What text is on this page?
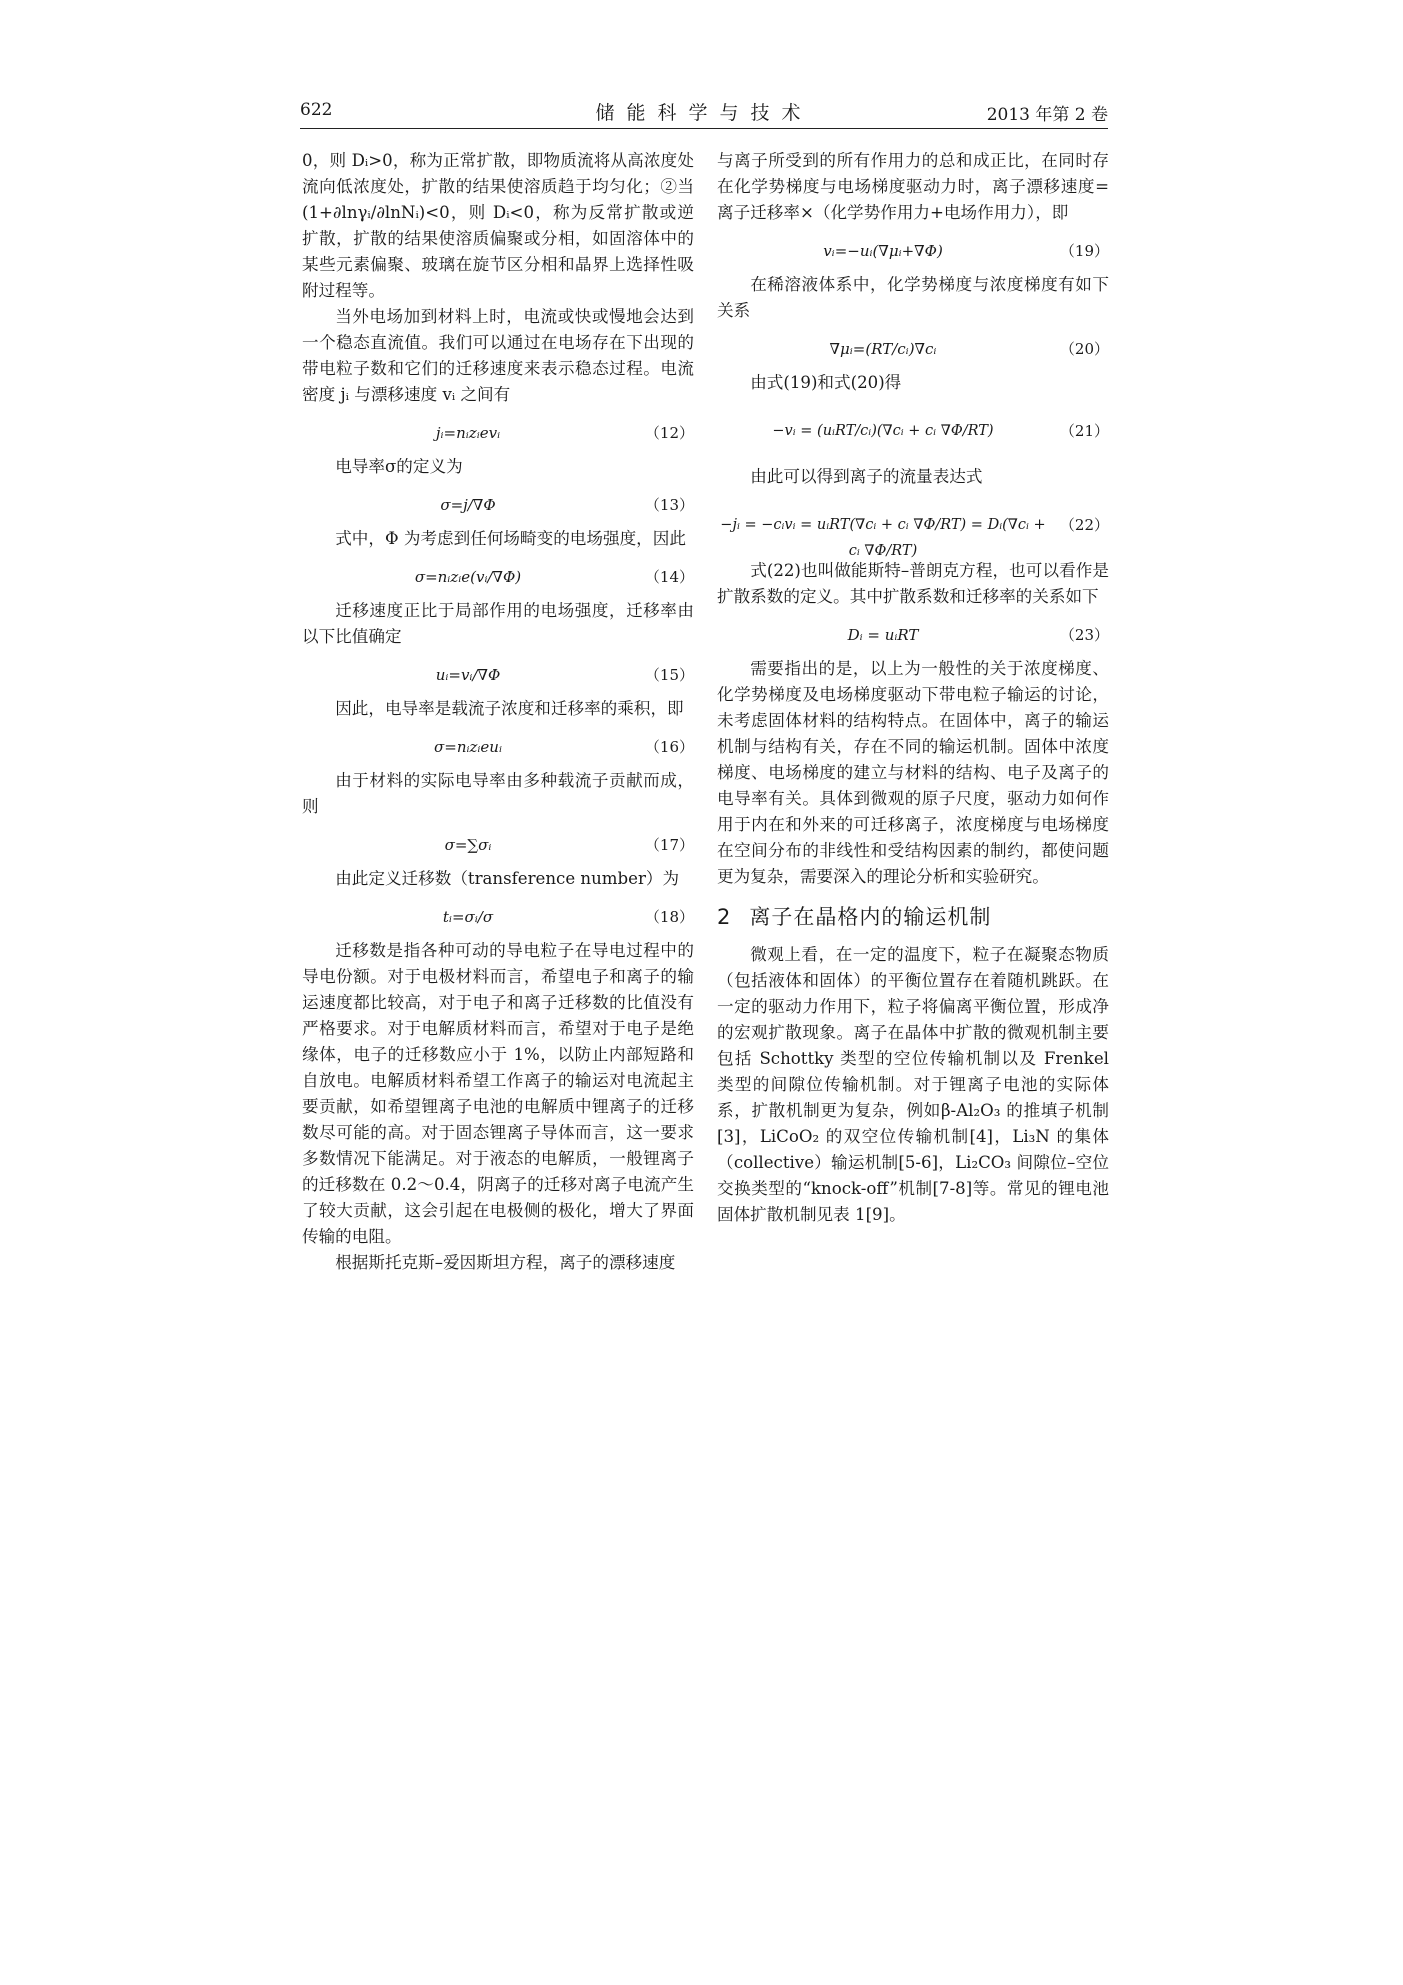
622	储能科学与技术	2013 年第 2 卷

0，则 Dᵢ>0，称为正常扩散，即物质流将从高浓度处流向低浓度处，扩散的结果使溶质趋于均匀化；②当(1+∂lnγᵢ/∂lnNᵢ)<0，则 Dᵢ<0，称为反常扩散或逆扩散，扩散的结果使溶质偏聚或分相，如固溶体中的某些元素偏聚、玻璃在旋节区分相和晶界上选择性吸附过程等。

当外电场加到材料上时，电流或快或慢地会达到一个稳态直流值。我们可以通过在电场存在下出现的带电粒子数和它们的迁移速度来表示稳态过程。电流密度 jᵢ 与漂移速度 vᵢ 之间有

jᵢ=nᵢzᵢevᵢ	（12）

电导率σ的定义为

σ=j/∇Φ	（13）

式中，Φ 为考虑到任何场畸变的电场强度，因此

σ=nᵢzᵢe(vᵢ/∇Φ)	（14）

迁移速度正比于局部作用的电场强度，迁移率由以下比值确定

uᵢ=vᵢ/∇Φ	（15）

因此，电导率是载流子浓度和迁移率的乘积，即

σ=nᵢzᵢeuᵢ	（16）

由于材料的实际电导率由多种载流子贡献而成，则

σ=∑σᵢ	（17）

由此定义迁移数（transference number）为

tᵢ=σᵢ/σ	（18）

迁移数是指各种可动的导电粒子在导电过程中的导电份额。对于电极材料而言，希望电子和离子的输运速度都比较高，对于电子和离子迁移数的比值没有严格要求。对于电解质材料而言，希望对于电子是绝缘体，电子的迁移数应小于 1%，以防止内部短路和自放电。电解质材料希望工作离子的输运对电流起主要贡献，如希望锂离子电池的电解质中锂离子的迁移数尽可能的高。对于固态锂离子导体而言，这一要求多数情况下能满足。对于液态的电解质，一般锂离子的迁移数在 0.2～0.4，阴离子的迁移对离子电流产生了较大贡献，这会引起在电极侧的极化，增大了界面传输的电阻。

根据斯托克斯–爱因斯坦方程，离子的漂移速度

与离子所受到的所有作用力的总和成正比，在同时存在化学势梯度与电场梯度驱动力时，离子漂移速度=离子迁移率×（化学势作用力+电场作用力），即

vᵢ=−uᵢ(∇μᵢ+∇Φ)	（19）

在稀溶液体系中，化学势梯度与浓度梯度有如下关系

∇μᵢ=(RT/cᵢ)∇cᵢ	（20）

由式(19)和式(20)得

−vᵢ = (uᵢRT/cᵢ)(∇cᵢ + cᵢ ∇Φ/RT)	（21）

由此可以得到离子的流量表达式

−jᵢ = −cᵢvᵢ = uᵢRT(∇cᵢ + cᵢ ∇Φ/RT) = Dᵢ(∇cᵢ + cᵢ ∇Φ/RT)
（22）

式(22)也叫做能斯特–普朗克方程，也可以看作是扩散系数的定义。其中扩散系数和迁移率的关系如下

Dᵢ = uᵢRT	（23）

需要指出的是，以上为一般性的关于浓度梯度、化学势梯度及电场梯度驱动下带电粒子输运的讨论，未考虑固体材料的结构特点。在固体中，离子的输运机制与结构有关，存在不同的输运机制。固体中浓度梯度、电场梯度的建立与材料的结构、电子及离子的电导率有关。具体到微观的原子尺度，驱动力如何作用于内在和外来的可迁移离子，浓度梯度与电场梯度在空间分布的非线性和受结构因素的制约，都使问题更为复杂，需要深入的理论分析和实验研究。

2 离子在晶格内的输运机制

微观上看，在一定的温度下，粒子在凝聚态物质（包括液体和固体）的平衡位置存在着随机跳跃。在一定的驱动力作用下，粒子将偏离平衡位置，形成净的宏观扩散现象。离子在晶体中扩散的微观机制主要包括 Schottky 类型的空位传输机制以及 Frenkel 类型的间隙位传输机制。对于锂离子电池的实际体系，扩散机制更为复杂，例如β-Al₂O₃ 的推填子机制[3]，LiCoO₂ 的双空位传输机制[4]，Li₃N 的集体（collective）输运机制[5-6]，Li₂CO₃ 间隙位–空位交换类型的“knock-off”机制[7-8]等。常见的锂电池固体扩散机制见表 1[9]。
